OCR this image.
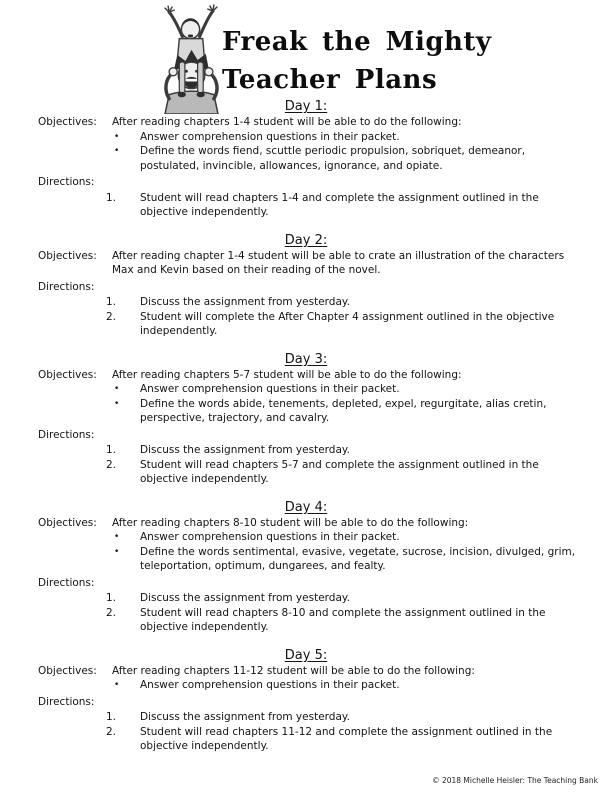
Freak the Mighty
Teacher Plans
Day 1:
Objectives:	After reading chapters 1-4 student will be able to do the following:
•	Answer comprehension questions in their packet.
•	Define the words fiend, scuttle periodic propulsion, sobriquet, demeanor, postulated, invincible, allowances, ignorance, and opiate.
Directions:
1.	Student will read chapters 1-4 and complete the assignment outlined in the objective independently.
Day 2:
Objectives:	After reading chapter 1-4 student will be able to crate an illustration of the characters Max and Kevin based on their reading of the novel.
Directions:
1.	Discuss the assignment from yesterday.
2.	Student will complete the After Chapter 4 assignment outlined in the objective independently.
Day 3:
Objectives:	After reading chapters 5-7 student will be able to do the following:
•	Answer comprehension questions in their packet.
•	Define the words abide, tenements, depleted, expel, regurgitate, alias cretin, perspective, trajectory, and cavalry.
Directions:
1.	Discuss the assignment from yesterday.
2.	Student will read chapters 5-7 and complete the assignment outlined in the objective independently.
Day 4:
Objectives:	After reading chapters 8-10 student will be able to do the following:
•	Answer comprehension questions in their packet.
•	Define the words sentimental, evasive, vegetate, sucrose, incision, divulged, grim, teleportation, optimum, dungarees, and fealty.
Directions:
1.	Discuss the assignment from yesterday.
2.	Student will read chapters 8-10 and complete the assignment outlined in the objective independently.
Day 5:
Objectives:	After reading chapters 11-12 student will be able to do the following:
•	Answer comprehension questions in their packet.
Directions:
1.	Discuss the assignment from yesterday.
2.	Student will read chapters 11-12 and complete the assignment outlined in the objective independently.
© 2018 Michelle Heisler: The Teaching Bank
